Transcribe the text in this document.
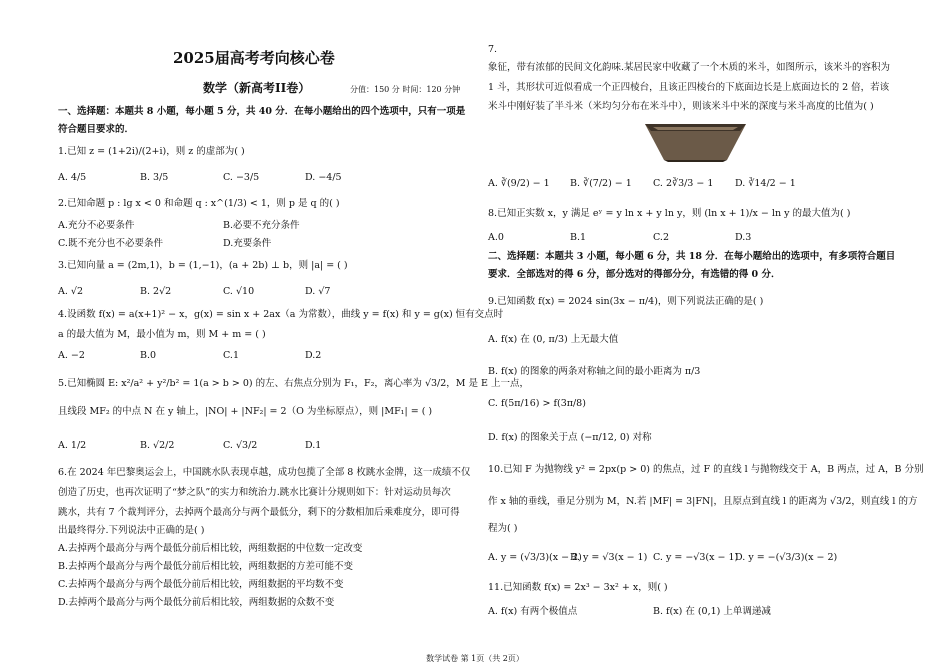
2025届高考考向核心卷
数学（新高考II卷）	分值：150 分 时间：120 分钟
一、选择题：本题共 8 小题，每小题 5 分，共 40 分．在每小题给出的四个选项中，只有一项是
符合题目要求的．
1.已知 z = (1+2i)/(2+i)，则 z 的虚部为( )
A. 4/5	B. 3/5	C. −3/5	D. −4/5
2.已知命题 p : lg x < 0 和命题 q : x^(1/3) < 1，则 p 是 q 的( )
A.充分不必要条件	B.必要不充分条件
C.既不充分也不必要条件	D.充要条件
3.已知向量 a = (2m,1)，b = (1,−1)，(a + 2b) ⊥ b，则 |a| = ( )
A. √2	B. 2√2	C. √10	D. √7
4.设函数 f(x) = a(x+1)² − x，g(x) = sin x + 2ax（a 为常数），曲线 y = f(x) 和 y = g(x) 恒有交点时
a 的最大值为 M，最小值为 m，则 M + m = ( )
A. −2	B.0	C.1	D.2
5.已知椭圆 E: x²/a² + y²/b² = 1(a > b > 0) 的左、右焦点分别为 F₁，F₂，离心率为 √3/2，M 是 E 上一点，
且线段 MF₂ 的中点 N 在 y 轴上，|NO| + |NF₂| = 2（O 为坐标原点），则 |MF₁| = ( )
A. 1/2	B. √2/2	C. √3/2	D.1
6.在 2024 年巴黎奥运会上，中国跳水队表现卓越，成功包揽了全部 8 枚跳水金牌，这一成绩不仅
创造了历史，也再次证明了“梦之队”的实力和统治力.跳水比赛计分规则如下：针对运动员每次
跳水，共有 7 个裁判评分，去掉两个最高分与两个最低分，剩下的分数相加后乘难度分，即可得
出最终得分.下列说法中正确的是( )
A.去掉两个最高分与两个最低分前后相比较，两组数据的中位数一定改变
B.去掉两个最高分与两个最低分前后相比较，两组数据的方差可能不变
C.去掉两个最高分与两个最低分前后相比较，两组数据的平均数不变
D.去掉两个最高分与两个最低分前后相比较，两组数据的众数不变
7.
象征，带有浓郁的民间文化韵味.某居民家中收藏了一个木质的米斗，如图所示，该米斗的容积为
1 斗，其形状可近似看成一个正四棱台，且该正四棱台的下底面边长是上底面边长的 2 倍，若该
米斗中刚好装了半斗米（米均匀分布在米斗中），则该米斗中米的深度与米斗高度的比值为( )
A. ∛(9/2) − 1 B. ∛(7/2) − 1 C. 2∛3/3 − 1 D. ∛14/2 − 1
8.已知正实数 x，y 满足 eʸ = y ln x + y ln y，则 (ln x + 1)/x − ln y 的最大值为( )
A.0	B.1	C.2	D.3
二、选择题：本题共 3 小题，每小题 6 分，共 18 分．在每小题给出的选项中，有多项符合题目
要求．全部选对的得 6 分，部分选对的得部分分，有选错的得 0 分．
9.已知函数 f(x) = 2024 sin(3x − π/4)，则下列说法正确的是( )
A. f(x) 在 (0, π/3) 上无最大值
B. f(x) 的图象的两条对称轴之间的最小距离为 π/3
C. f(5π/16) > f(3π/8)
D. f(x) 的图象关于点 (−π/12, 0) 对称
10.已知 F 为抛物线 y² = 2px(p > 0) 的焦点，过 F 的直线 l 与抛物线交于 A，B 两点，过 A，B 分别
作 x 轴的垂线，垂足分别为 M，N.若 |MF| = 3|FN|，且原点到直线 l 的距离为 √3/2，则直线 l 的方
程为( )
A. y = (√3/3)(x − 2)
B. y = √3(x − 1) C. y = −√3(x − 1)
D. y = −(√3/3)(x − 2)
11.已知函数 f(x) = 2x³ − 3x² + x，则( )
A. f(x) 有两个极值点	B. f(x) 在 (0,1) 上单调递减
数学试卷 第 1页（共 2页）
